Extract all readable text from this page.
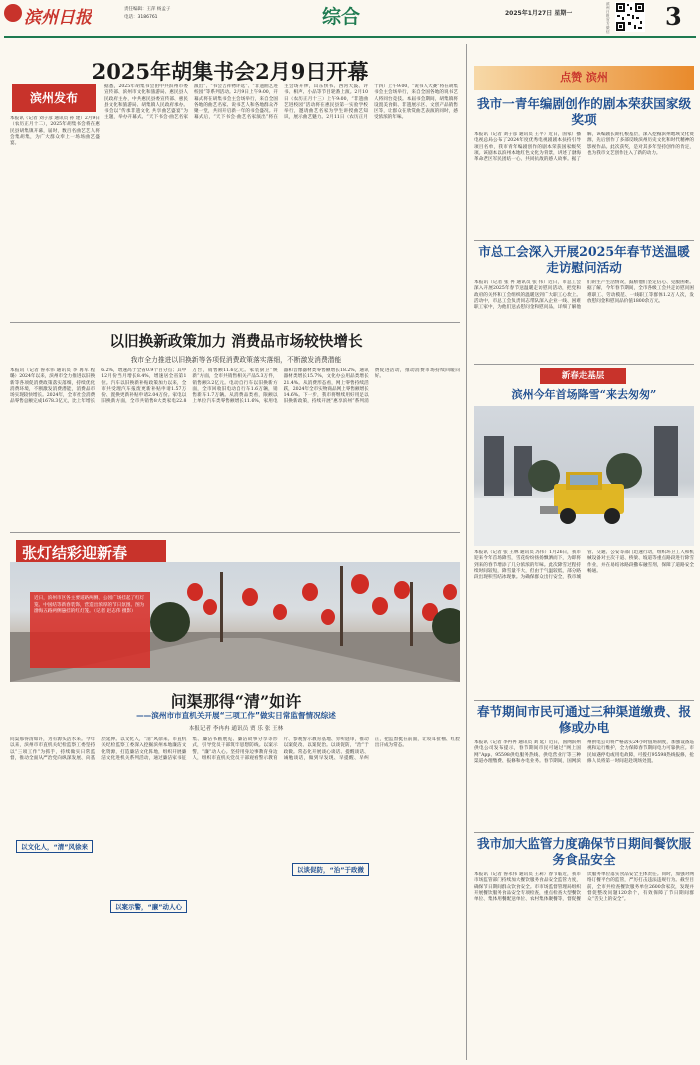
滨州日报	责任编辑：王萍 杨孟子
电话：3186761	综合	2025年1月27日 星期一
滨州日报官方微信
3
2025年胡集书会2月9日开幕
滨州发布
本报讯（记者 刘子彦 通讯员 孙 建）2月9日（农历正月十二），2025年胡集书会将在惠民县胡集镇开幕，届时，数百名曲艺艺人将会集胡集，为广大群众奉上一场场曲艺盛宴。
据悉，2025年胡集书会由中共滨州市委宣传部、滨州市文化和旅游局、惠民县人民政府主办，中共惠民县委宣传部、惠民县文化和旅游局、胡集镇人民政府承办。书会以“传承非遗文化 共享曲艺盛宴”为主题，举办开幕式、“天下书会·曲艺名家演出”、“书会吉祥物评选”、“非遗曲艺进校园”等系列活动。2月9日上午9:00，开幕式将在胡集书会主会场举行，来自全国各地的曲艺名家、说书艺人和各地群众齐聚一堂，共同开启新一年的书会盛况。开幕式后，“天下书会·曲艺名家演出”将在主会场开锣，山东快书、西河大鼓、评书、相声、小品等节目轮番上演。2月10日（农历正月十三）上午9:00，“非遗曲艺进校园”活动将在惠民县第一实验学校举行，邀请曲艺名家为学生讲授曲艺知识，展示曲艺魅力。2月11日（农历正月十四）上午9:00，“说书人大赛”将在胡集书会主会场举行，来自全国各地的说书艺人将同台竞技。本届书会期间，胡集镇将设置美食街、非遗展示区、文创产品销售区等，让群众在欣赏曲艺表演的同时，感受浓浓的年味。
以旧换新政策加力 消费品市场较快增长
我市全力推进以旧换新等各项促消费政策落实落细，不断激发消费潜能
本报讯（记者 鲁永伟 通讯员 李 再军 程璐）2024年以来，滨州市全力推进以旧换新等各项促消费政策落实落细，持续优化消费环境，不断激发消费潜能，消费品市场实现较快增长。2024年，全市社会消费品零售总额完成1678.3亿元，比上年增长6.2%，增速高于全省0.9个百分点；其中12月份当月增长8.4%，增速居全省第1位。汽车以旧换新补贴政策加力以来，全市共受理汽车报废更新补贴申请1.57万份、置换更新补贴申请2.04万份。家电以旧换新方面，全市共销售8大类家电22.8万台，销售额11.6亿元。家装厨卫“焕新”方面，全市共销售相关产品5.3万件，销售额3.2亿元。电动自行车以旧换新方面，全市回收旧电动自行车1.6万辆，销售新车1.7万辆。从消费品类看，限额以上单位汽车类零售额增长11.6%，家用电器和音像器材类零售额增长18.2%，通讯器材类增长15.7%，文化办公用品类增长21.4%。从消费形态看，网上零售持续活跃，2024年全市实物商品网上零售额增长14.6%。下一步，我市将继续用好用足以旧换新政策，持续开展“惠享滨州”系列消费促进活动，推动消费市场持续回暖向好。
张灯结彩迎新春
近日，滨州市区各主要道路两侧、公园广场挂起了红灯笼、中国结等新春装饰，营造出浓厚的节日氛围。图为渤海五路两侧悬挂的红灯笼。（记者 赵志伟 摄影）
问渠那得“清”如许
——滨州市市直机关开展“三项工作”做实日常监督情况综述
本报记者 李冉冉 通讯员 贾 乐 张 王林
问渠那得清如许，为有源头活水来。今年以来，滨州市市直机关纪检监察工委坚持以“三项工作”为抓手，持续做实日常监督，推动全面从严治党向纵深发展、向基层延伸。以文化人，“清”风徐来。市直机关纪检监察工委深入挖掘滨州本地廉洁文化资源，打造廉洁文化阵地，组织开展廉洁文化进机关系列活动，通过廉洁家书征集、廉洁书画展览、廉洁故事分享等形式，引导党员干部筑牢思想防线。以案示警，“廉”动人心。坚持用身边事教育身边人，组织市直机关党员干部观看警示教育片、参观警示教育基地、旁听庭审，推动以案促改、以案促治。以谈促防，“治”于政微。常态化开展谈心谈话、提醒谈话、诫勉谈话，做到早发现、早提醒、早纠正，把监督挺在前面，让咬耳扯袖、红脸出汗成为常态。
以文化人，“清”风徐来
以案示警，“廉”动人心
以谈促防，“治”于政微
点赞 滨州
我市一青年编剧创作的剧本荣获国家级奖项
本报讯（记者 刘子彦 通讯员 王平）近日，国家广播电视总局公布了2024年度优秀电视剧剧本扶持引导项目名单，我市青年编剧创作的剧本荣获国家级奖项。该剧本以滨州本地红色文化为背景，讲述了渤海革命老区军民团结一心、共同抗敌的感人故事。据了解，该编剧长期扎根基层，深入挖掘滨州地域文化资源，先后创作了多部反映滨州历史文化和时代精神的影视作品。此次获奖，是对其多年坚持创作的肯定，也为我市文艺创作注入了新的动力。
市总工会深入开展2025年春节送温暖走访慰问活动
本报讯（记者 张 冉 通讯员 张 伟）近日，市总工会深入开展2025年春节送温暖走访慰问活动，把党和政府的关怀和工会组织的温暖送到广大职工心坎上。活动中，市总工会负责同志带队深入企业一线、困难职工家中，为他们送去慰问金和慰问品，详细了解他们的生产生活情况，鼓励他们坚定信心、克服困难。据了解，今年春节期间，全市各级工会共走访慰问困难职工、劳动模范、一线职工等群体1.2万人次，发放慰问金和慰问品价值1800余万元。
新春走基层
滨州今年首场降雪“来去匆匆”
本报讯（记者 张 王林 通讯员 苏伟）1月26日，我市迎来今年首场降雪，雪花纷纷扬扬飘洒而下，为即将到来的春节增添了几分浓浓的年味。此次降雪过程持续时间较短，降雪量不大，但由于气温较低，部分路段出现积雪结冰现象。为确保群众出行安全，我市城管、交通、公安等部门迅速行动，组织环卫工人和机械设备对主次干道、桥梁、坡道等重点路段进行除雪作业，并在易结冰路段撒布融雪剂，保障了道路安全畅通。
春节期间市民可通过三种渠道缴费、报修或办电
本报讯（记者 李冉冉 通讯员 刘 延）近日，国网滨州供电公司发布提示，春节期间市民可通过“网上国网”App、95598供电服务热线、供电营业厅等三种渠道办理缴费、报修和办电业务。春节期间，国网滨州供电公司将严格落实24小时值班制度，加强设备巡视和运行维护，全力保障春节期间电力可靠供应。市民如遇停电或用电故障，可拨打95598热线报修，抢修人员将第一时间赶赴现场处置。
我市加大监管力度确保节日期间餐饮服务食品安全
本报讯（记者 鲁永伟 通讯员 王莉）春节临近，我市市场监管部门持续加大餐饮服务食品安全监管力度，确保节日期间群众饮食安全。市市场监督管理局组织开展餐饮服务食品安全专项检查，重点检查大型餐饮单位、集体用餐配送单位、农村集体聚餐等，督促餐饮服务单位落实食品安全主体责任。同时，加强对网络订餐平台的监管，严厉打击违法违规行为。截至目前，全市共检查餐饮服务单位2600余家次，发现并督促整改问题120余个，有效保障了节日期间群众“舌尖上的安全”。
